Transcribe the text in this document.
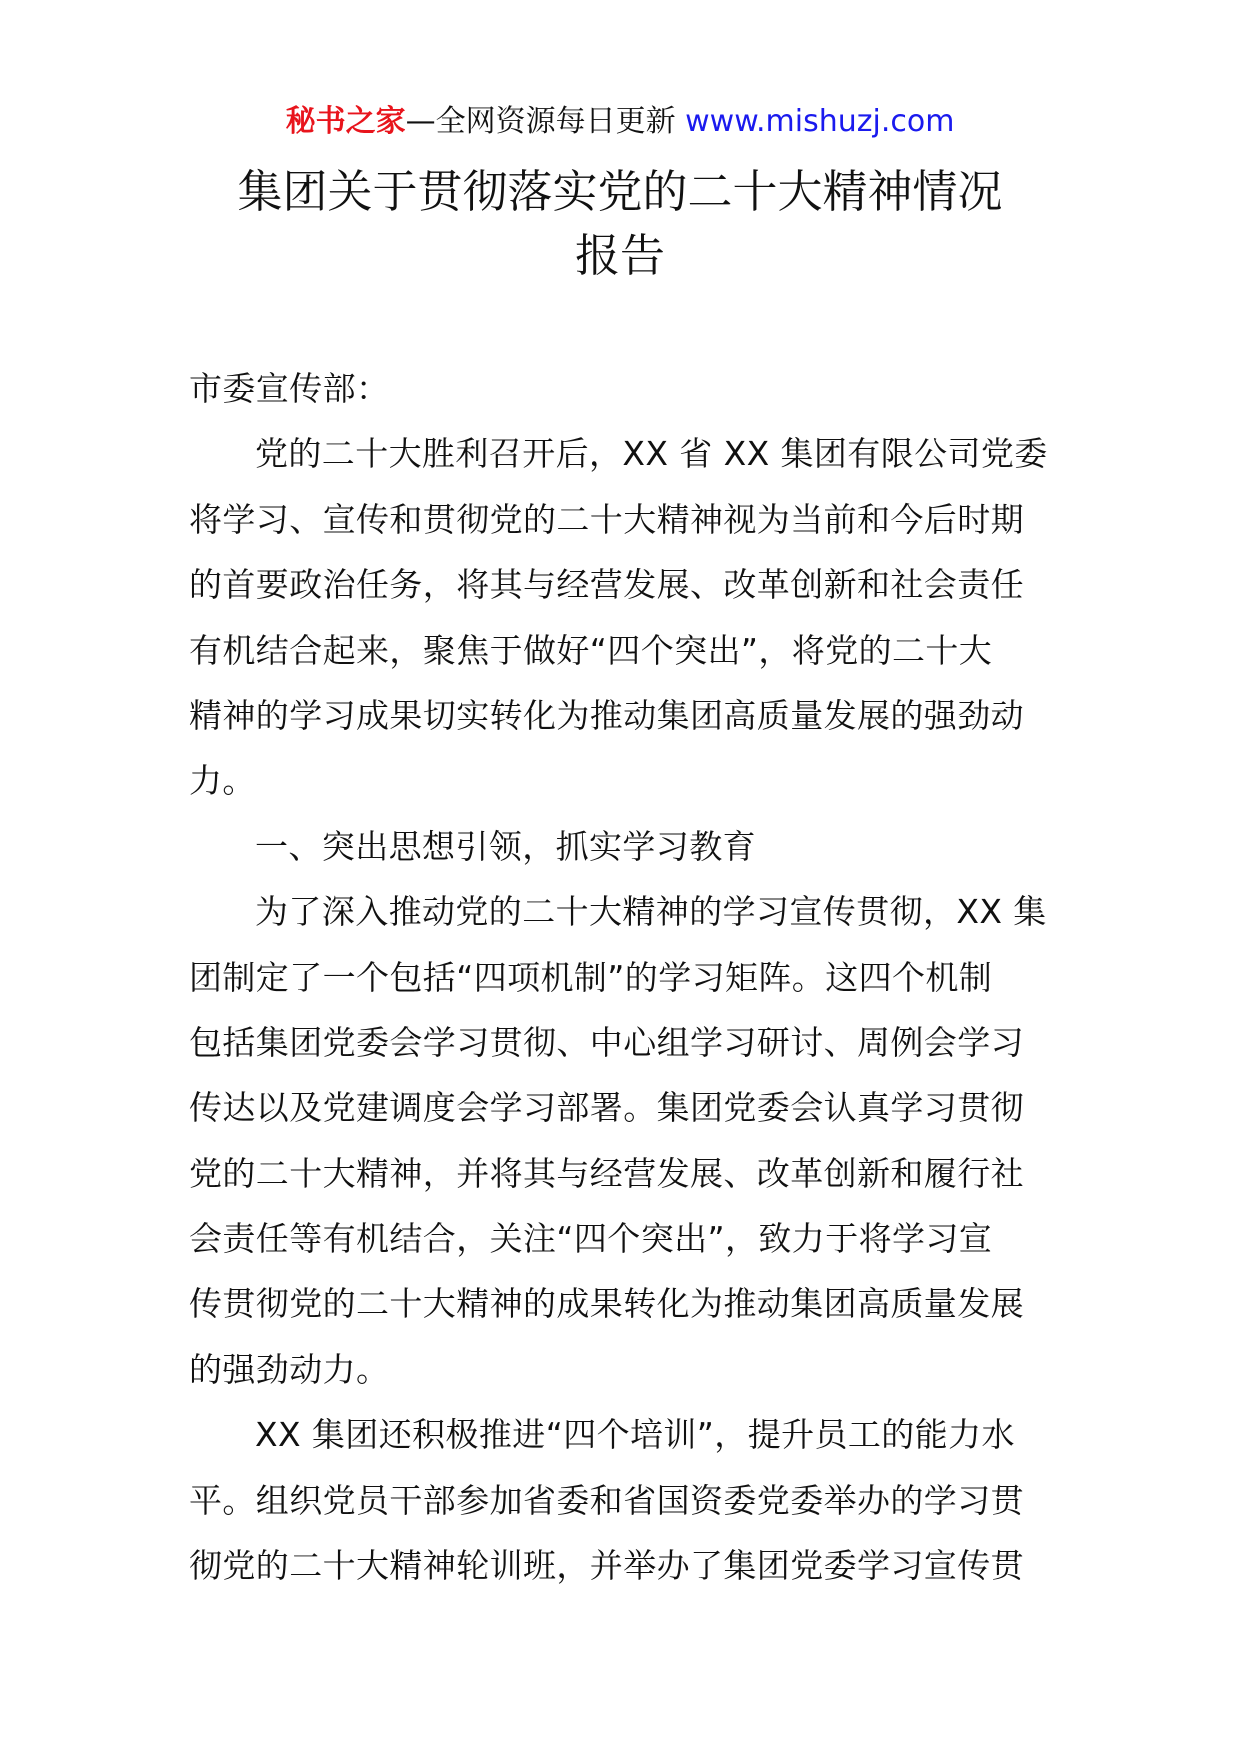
秘书之家—全网资源每日更新 www.mishuzj.com
集团关于贯彻落实党的二十大精神情况
报告

市委宣传部：

党的二十大胜利召开后，XX 省 XX 集团有限公司党委
将学习、宣传和贯彻党的二十大精神视为当前和今后时期
的首要政治任务，将其与经营发展、改革创新和社会责任
有机结合起来，聚焦于做好“四个突出”，将党的二十大
精神的学习成果切实转化为推动集团高质量发展的强劲动
力。

一、突出思想引领，抓实学习教育

为了深入推动党的二十大精神的学习宣传贯彻，XX 集
团制定了一个包括“四项机制”的学习矩阵。这四个机制
包括集团党委会学习贯彻、中心组学习研讨、周例会学习
传达以及党建调度会学习部署。集团党委会认真学习贯彻
党的二十大精神，并将其与经营发展、改革创新和履行社
会责任等有机结合，关注“四个突出”，致力于将学习宣
传贯彻党的二十大精神的成果转化为推动集团高质量发展
的强劲动力。

XX 集团还积极推进“四个培训”，提升员工的能力水
平。组织党员干部参加省委和省国资委党委举办的学习贯
彻党的二十大精神轮训班，并举办了集团党委学习宣传贯
